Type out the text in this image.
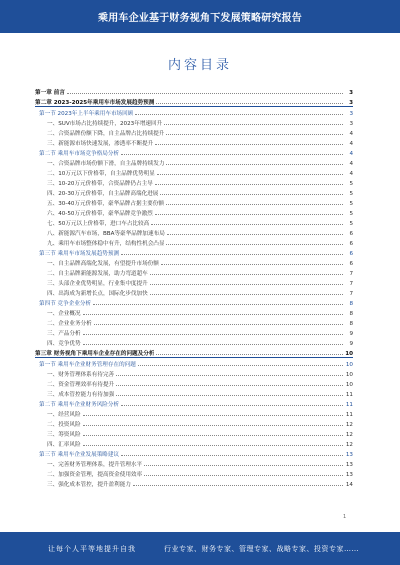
乘用车企业基于财务视角下发展策略研究报告
内容目录
第一章 前言	3
第二章 2023-2025年乘用车市场发展趋势预测	3
第一节 2023年上半年乘用车市场回顾	3
一、SUV市场占比持续提升，2023年增速回升	3
二、合资品牌份额下降，自主品牌占比持续提升	4
三、新能源市场快速发展，渗透率不断提升	4
第二节 乘用车市场竞争格局分析	4
一、合资品牌市场份额下滑，自主品牌持续发力	4
二、10万元以下价格带，自主品牌优势明显	4
三、10-20万元价格带，合资品牌仍占主导	5
四、20-30万元价格带，自主品牌高端化进展	5
五、30-40万元价格带，豪华品牌占据主要份额	5
六、40-50万元价格带，豪华品牌竞争激烈	5
七、50万元以上价格带，进口车占比较高	5
八、新能源汽车市场，BBA等豪华品牌加速布局	6
九、乘用车市场整体稳中有升，结构性机会凸显	6
第三节 乘用车市场发展趋势预测	6
一、自主品牌高端化发展，有望提升市场份额	6
二、自主品牌新能源发展，助力弯道超车	7
三、头部企业优势明显，行业集中度提升	7
四、出海成为新增长点，国际化步伐加快	7
第四节 竞争企业分析	8
一、企业概况	8
二、企业业务分析	8
三、产品分析	9
四、竞争优势	9
第三章 财务视角下乘用车企业存在的问题及分析	10
第一节 乘用车企业财务管理存在的问题	10
一、财务管理体系有待完善	10
二、资金管理效率有待提升	10
三、成本管控能力有待加强	11
第二节 乘用车企业财务风险分析	11
一、经营风险	11
二、投资风险	12
三、筹资风险	12
四、汇率风险	12
第三节 乘用车企业发展策略建议	13
一、完善财务管理体系，提升管理水平	13
二、加强资金管理，提高资金使用效率	13
三、强化成本管控，提升盈利能力	14
1
让每个人平等地提升自我	行业专家、财务专家、管理专家、战略专家、投资专家……
